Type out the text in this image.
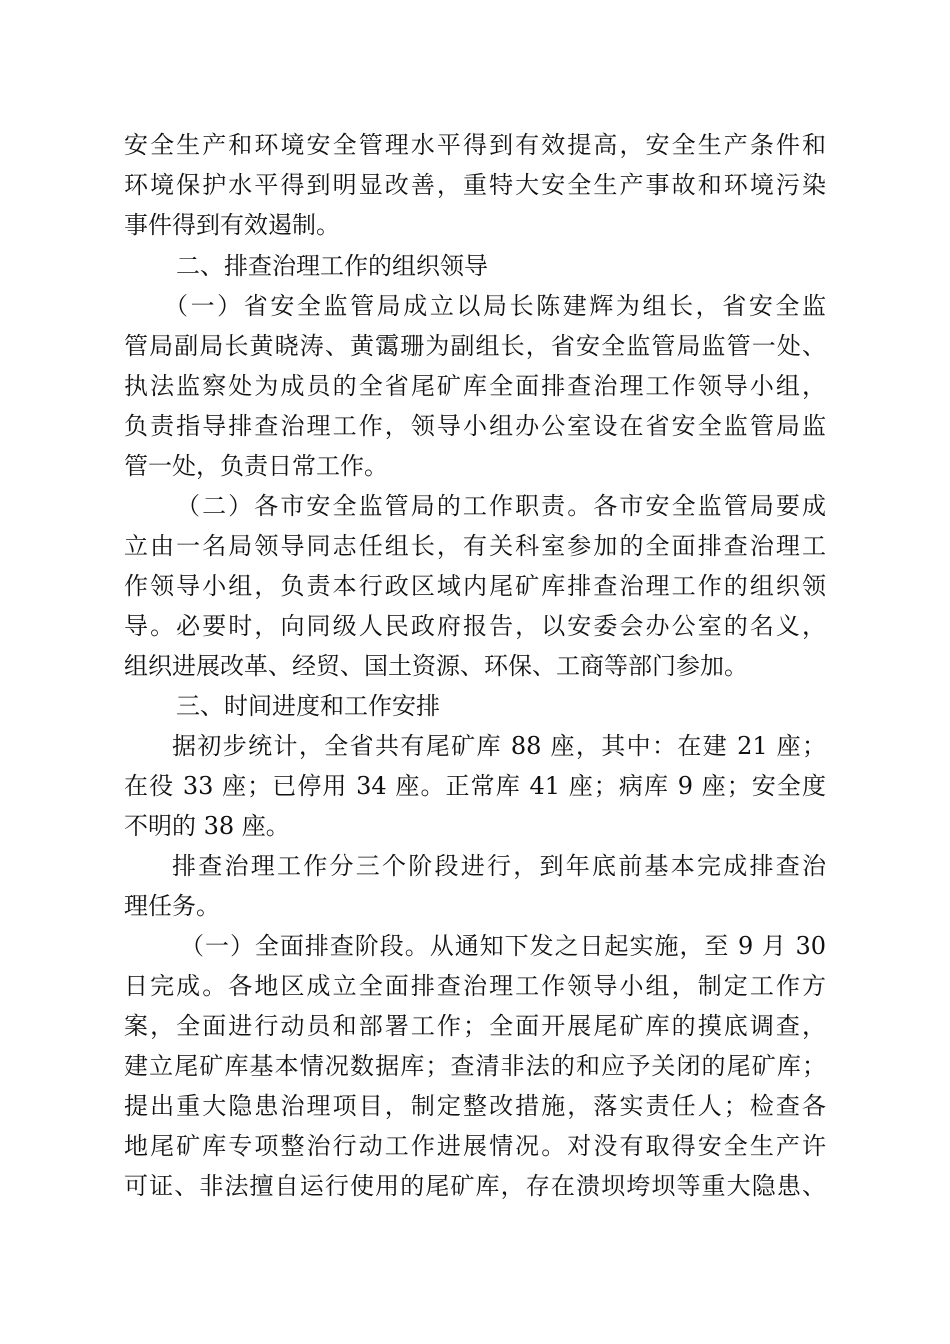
安全生产和环境安全管理水平得到有效提高，安全生产条件和

环境保护水平得到明显改善，重特大安全生产事故和环境污染

事件得到有效遏制。

二、排查治理工作的组织领导

（一）省安全监管局成立以局长陈建辉为组长，省安全监

管局副局长黄晓涛、黄霭珊为副组长，省安全监管局监管一处、

执法监察处为成员的全省尾矿库全面排查治理工作领导小组，

负责指导排查治理工作，领导小组办公室设在省安全监管局监

管一处，负责日常工作。

（二）各市安全监管局的工作职责。各市安全监管局要成

立由一名局领导同志任组长，有关科室参加的全面排查治理工

作领导小组，负责本行政区域内尾矿库排查治理工作的组织领

导。必要时，向同级人民政府报告，以安委会办公室的名义，

组织进展改革、经贸、国土资源、环保、工商等部门参加。

三、时间进度和工作安排

据初步统计，全省共有尾矿库 88 座，其中：在建 21 座；

在役 33 座；已停用 34 座。正常库 41 座；病库 9 座；安全度

不明的 38 座。

排查治理工作分三个阶段进行，到年底前基本完成排查治

理任务。

（一）全面排查阶段。从通知下发之日起实施，至 9 月 30

日完成。各地区成立全面排查治理工作领导小组，制定工作方

案，全面进行动员和部署工作；全面开展尾矿库的摸底调查，

建立尾矿库基本情况数据库；查清非法的和应予关闭的尾矿库；

提出重大隐患治理项目，制定整改措施，落实责任人；检查各

地尾矿库专项整治行动工作进展情况。对没有取得安全生产许

可证、非法擅自运行使用的尾矿库，存在溃坝垮坝等重大隐患、
